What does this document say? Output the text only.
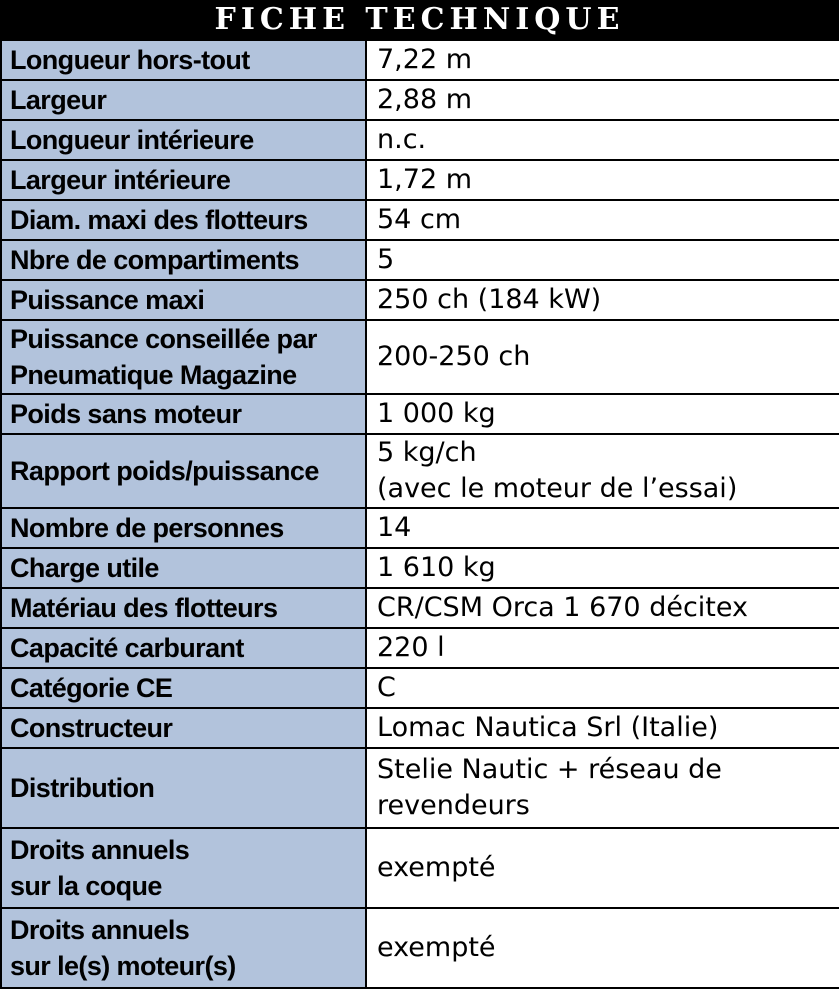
FICHE TECHNIQUE
Longueur hors-tout	7,22 m
Largeur	2,88 m
Longueur intérieure	n.c.
Largeur intérieure	1,72 m
Diam. maxi des flotteurs	54 cm
Nbre de compartiments	5
Puissance maxi	250 ch (184 kW)

Puissance conseillée par
Pneumatique Magazine	200-250 ch
Poids sans moteur	1 000 kg
Rapport poids/puissance	5 kg/ch
(avec le moteur de l’essai)

Nombre de personnes	14
Charge utile	1 610 kg
Matériau des flotteurs	CR/CSM Orca 1 670 décitex
Capacité carburant	220 l
Catégorie CE	C
Constructeur	Lomac Nautica Srl (Italie)
Distribution	Stelie Nautic + réseau de
revendeurs

Droits annuels
sur la coque	exempté

Droits annuels
sur le(s) moteur(s)	exempté
